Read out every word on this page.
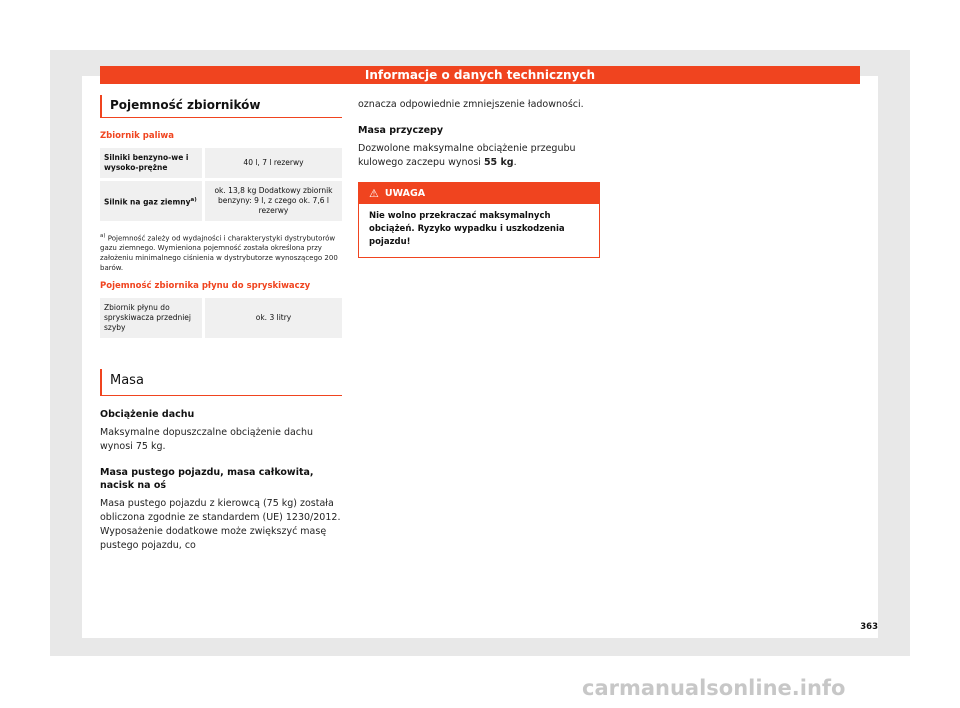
Informacje o danych technicznych
Pojemność zbiorników
Zbiornik paliwa
Silniki benzyno-we i wysoko-prężne	40 l, 7 l rezerwy
Silnik na gaz ziemny$^{a)}$	ok. 13,8 kg Dodatkowy zbiornik benzyny: 9 l, z czego ok. 7,6 l rezerwy
$^{a)}$ Pojemność zależy od wydajności i charakterystyki dystrybutorów gazu ziemnego. Wymieniona pojemność została określona przy założeniu minimalnego ciśnienia w dystrybutorze wynoszącego 200 barów.
Pojemność zbiornika płynu do spryskiwaczy
Zbiornik płynu do spryskiwacza przedniej szyby	ok. 3 litry
Masa
Obciążenie dachu
Maksymalne dopuszczalne obciążenie dachu wynosi 75 kg.
Masa pustego pojazdu, masa całkowita, nacisk na oś
Masa pustego pojazdu z kierowcą (75 kg) została obliczona zgodnie ze standardem (UE) 1230/2012. Wyposażenie dodatkowe może zwiększyć masę pustego pojazdu, co
oznacza odpowiednie zmniejszenie ładowności.
Masa przyczepy
Dozwolone maksymalne obciążenie przegubu kulowego zaczepu wynosi 55 kg.
⚠ UWAGA
Nie wolno przekraczać maksymalnych obciążeń. Ryzyko wypadku i uszkodzenia pojazdu!
363
carmanualsonline.info
